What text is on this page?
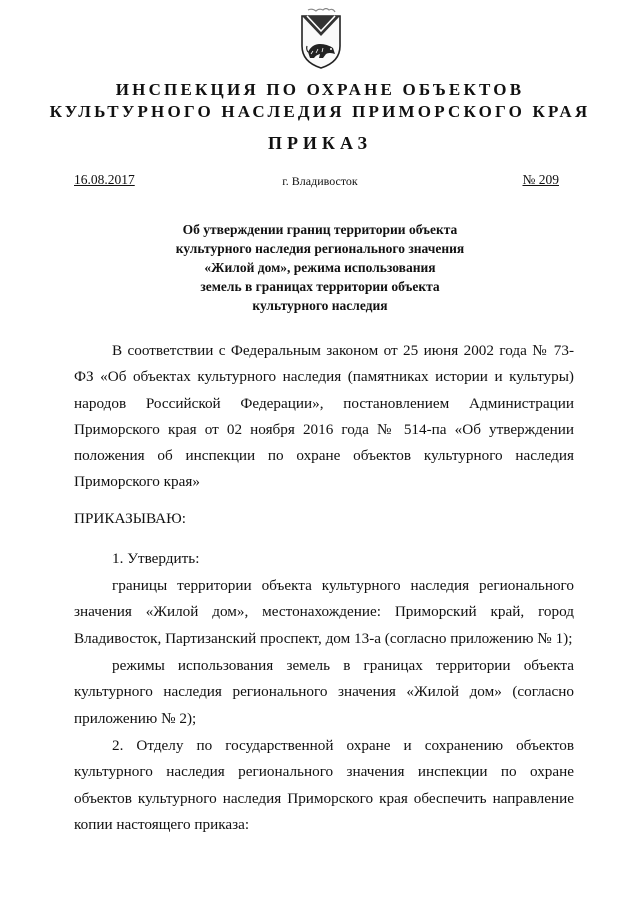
ИНСПЕКЦИЯ ПО ОХРАНЕ ОБЪЕКТОВ
КУЛЬТУРНОГО НАСЛЕДИЯ ПРИМОРСКОГО КРАЯ
ПРИКАЗ
16.08.2017	г. Владивосток	№ 209
Об утверждении границ территории объекта
культурного наследия регионального значения
«Жилой дом», режима использования
земель в границах территории объекта
культурного наследия
В соответствии с Федеральным законом от 25 июня 2002 года № 73-ФЗ «Об объектах культурного наследия (памятниках истории и культуры) народов Российской Федерации», постановлением Администрации Приморского края от 02 ноября 2016 года № 514-па «Об утверждении положения об инспекции по охране объектов культурного наследия Приморского края»
ПРИКАЗЫВАЮ:
1. Утвердить:
границы территории объекта культурного наследия регионального значения «Жилой дом», местонахождение: Приморский край, город Владивосток, Партизанский проспект, дом 13-а (согласно приложению № 1);
режимы использования земель в границах территории объекта культурного наследия регионального значения «Жилой дом» (согласно приложению № 2);
2. Отделу по государственной охране и сохранению объектов культурного наследия регионального значения инспекции по охране объектов культурного наследия Приморского края обеспечить направление копии настоящего приказа:
